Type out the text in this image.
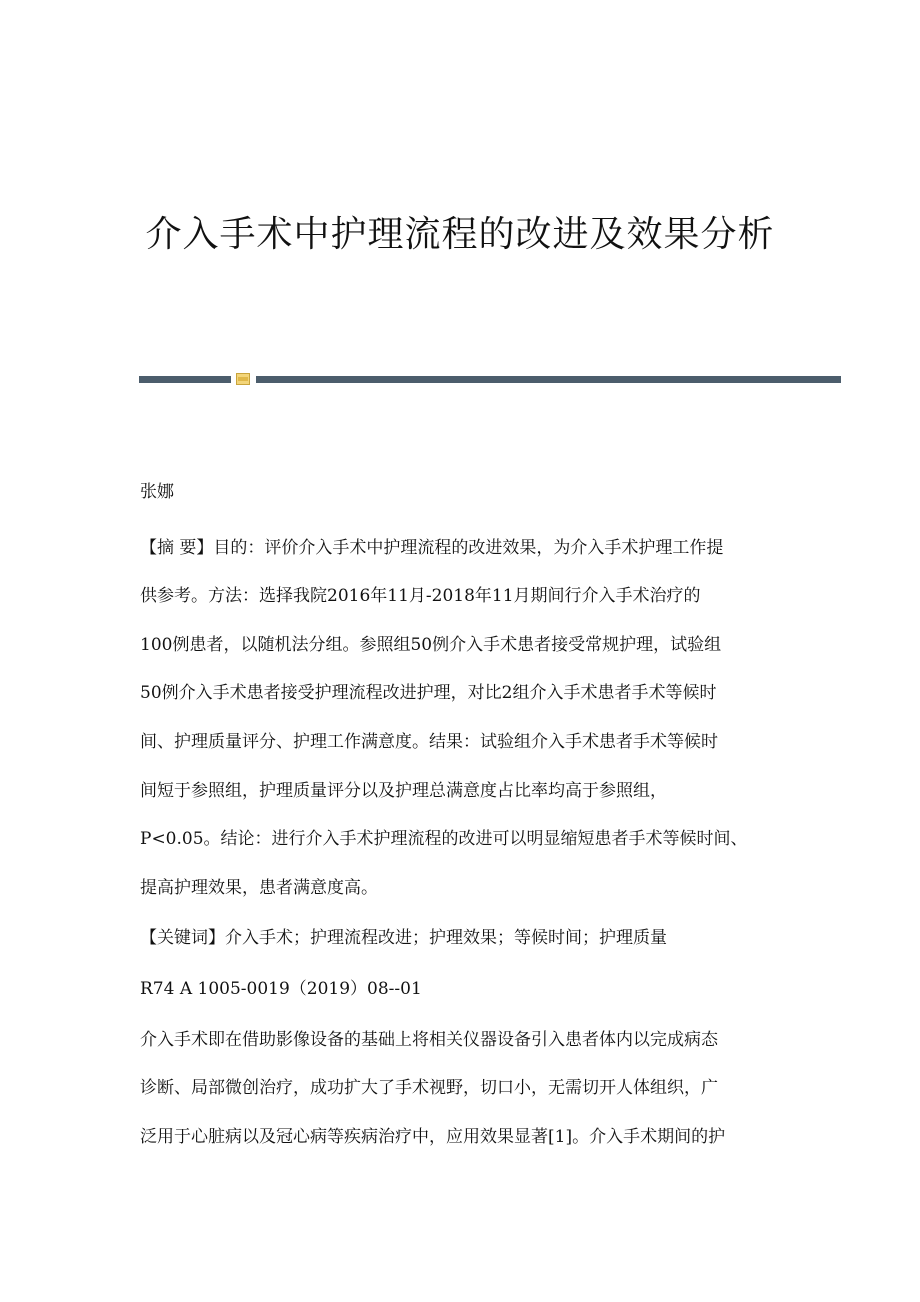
介入手术中护理流程的改进及效果分析

张娜

【摘 要】目的：评价介入手术中护理流程的改进效果，为介入手术护理工作提

供参考。方法：选择我院2016年11月-2018年11月期间行介入手术治疗的

100例患者，以随机法分组。参照组50例介入手术患者接受常规护理，试验组

50例介入手术患者接受护理流程改进护理，对比2组介入手术患者手术等候时

间、护理质量评分、护理工作满意度。结果：试验组介入手术患者手术等候时

间短于参照组，护理质量评分以及护理总满意度占比率均高于参照组，

P<0.05。结论：进行介入手术护理流程的改进可以明显缩短患者手术等候时间、

提高护理效果，患者满意度高。

【关键词】介入手术；护理流程改进；护理效果；等候时间；护理质量

R74 A 1005-0019（2019）08--01

介入手术即在借助影像设备的基础上将相关仪器设备引入患者体内以完成病态

诊断、局部微创治疗，成功扩大了手术视野，切口小，无需切开人体组织，广

泛用于心脏病以及冠心病等疾病治疗中，应用效果显著[1]。介入手术期间的护
